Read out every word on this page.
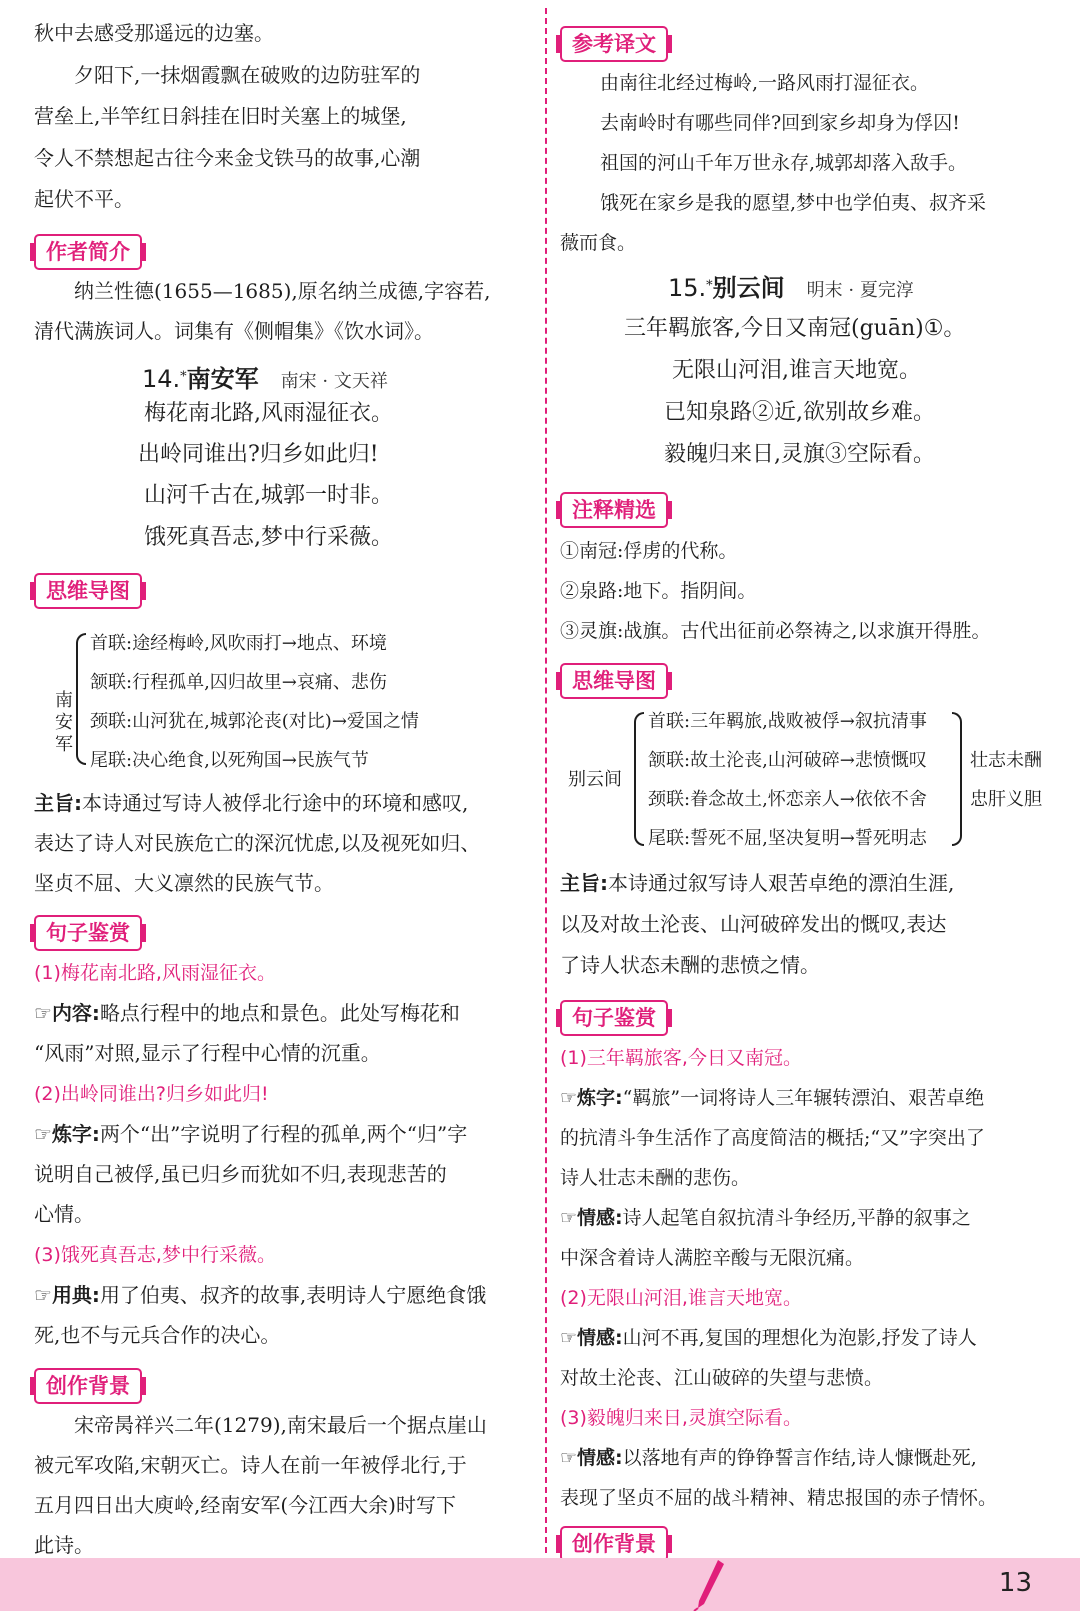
秋中去感受那遥远的边塞。
夕阳下,一抹烟霞飘在破败的边防驻军的
营垒上,半竿红日斜挂在旧时关塞上的城堡,
令人不禁想起古往今来金戈铁马的故事,心潮
起伏不平。
作者简介
纳兰性德(1655—1685),原名纳兰成德,字容若,
清代满族词人。词集有《侧帽集》《饮水词》。
14.*南安军 南宋 · 文天祥
梅花南北路,风雨湿征衣。
出岭同谁出?归乡如此归!
山河千古在,城郭一时非。
饿死真吾志,梦中行采薇。
思维导图
南安军
首联:途经梅岭,风吹雨打→地点、环境
颔联:行程孤单,囚归故里→哀痛、悲伤
颈联:山河犹在,城郭沦丧(对比)→爱国之情
尾联:决心绝食,以死殉国→民族气节
主旨:本诗通过写诗人被俘北行途中的环境和感叹,
表达了诗人对民族危亡的深沉忧虑,以及视死如归、
坚贞不屈、大义凛然的民族气节。
句子鉴赏
(1)梅花南北路,风雨湿征衣。
☞内容:略点行程中的地点和景色。此处写梅花和
“风雨”对照,显示了行程中心情的沉重。
(2)出岭同谁出?归乡如此归!
☞炼字:两个“出”字说明了行程的孤单,两个“归”字
说明自己被俘,虽已归乡而犹如不归,表现悲苦的
心情。
(3)饿死真吾志,梦中行采薇。
☞用典:用了伯夷、叔齐的故事,表明诗人宁愿绝食饿
死,也不与元兵合作的决心。
创作背景
宋帝昺祥兴二年(1279),南宋最后一个据点崖山
被元军攻陷,宋朝灭亡。诗人在前一年被俘北行,于
五月四日出大庾岭,经南安军(今江西大余)时写下
此诗。
参考译文
由南往北经过梅岭,一路风雨打湿征衣。
去南岭时有哪些同伴?回到家乡却身为俘囚!
祖国的河山千年万世永存,城郭却落入敌手。
饿死在家乡是我的愿望,梦中也学伯夷、叔齐采
薇而食。
15.*别云间 明末 · 夏完淳
三年羁旅客,今日又南冠(guān)①。
无限山河泪,谁言天地宽。
已知泉路②近,欲别故乡难。
毅魄归来日,灵旗③空际看。
注释精选
①南冠:俘虏的代称。
②泉路:地下。指阴间。
③灵旗:战旗。古代出征前必祭祷之,以求旗开得胜。
思维导图
别云间
首联:三年羁旅,战败被俘→叙抗清事
颔联:故土沦丧,山河破碎→悲愤慨叹
颈联:眷念故土,怀恋亲人→依依不舍
尾联:誓死不屈,坚决复明→誓死明志
壮志未酬
忠肝义胆
主旨:本诗通过叙写诗人艰苦卓绝的漂泊生涯,
以及对故土沦丧、山河破碎发出的慨叹,表达
了诗人状态未酬的悲愤之情。
句子鉴赏
(1)三年羁旅客,今日又南冠。
☞炼字:“羁旅”一词将诗人三年辗转漂泊、艰苦卓绝
的抗清斗争生活作了高度简洁的概括;“又”字突出了
诗人壮志未酬的悲伤。
☞情感:诗人起笔自叙抗清斗争经历,平静的叙事之
中深含着诗人满腔辛酸与无限沉痛。
(2)无限山河泪,谁言天地宽。
☞情感:山河不再,复国的理想化为泡影,抒发了诗人
对故土沦丧、江山破碎的失望与悲愤。
(3)毅魄归来日,灵旗空际看。
☞情感:以落地有声的铮铮誓言作结,诗人慷慨赴死,
表现了坚贞不屈的战斗精神、精忠报国的赤子情怀。
创作背景
13
